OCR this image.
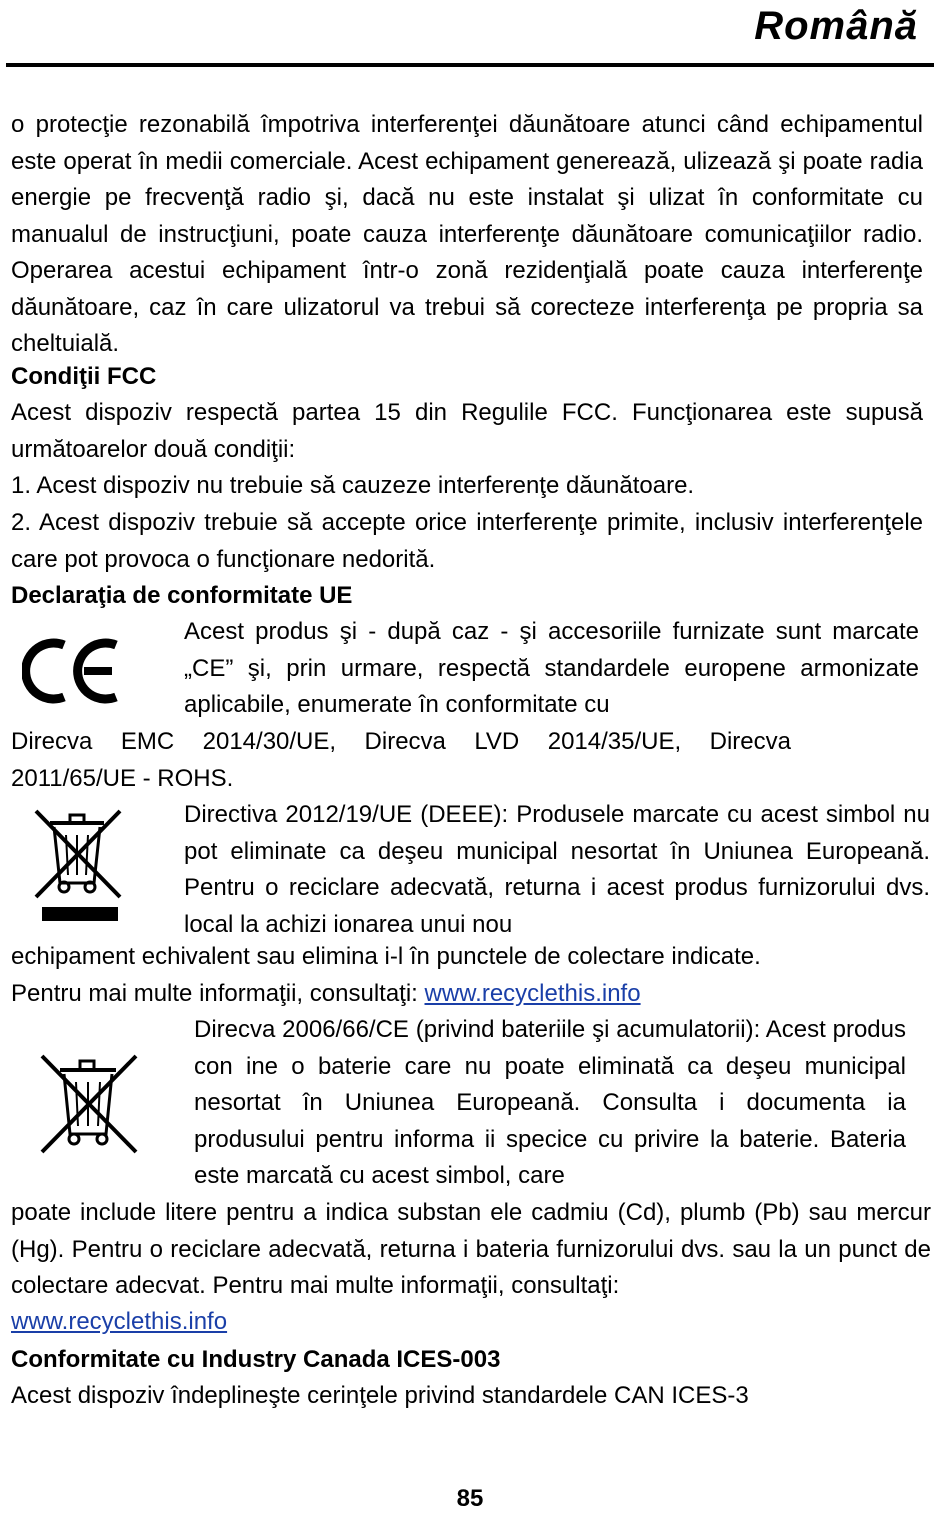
Română
o protecţie rezonabilă împotriva interferenţei dăunătoare atunci când echipamentul este operat în medii comerciale. Acest echipament generează, ulizează şi poate radia energie pe frecvenţă radio şi, dacă nu este instalat şi ulizat în conformitate cu manualul de instrucţiuni, poate cauza interferenţe dăunătoare comunicaţiilor radio. Operarea acestui echipament într-o zonă rezidenţială poate cauza interferenţe dăunătoare, caz în care ulizatorul va trebui să corecteze interferenţa pe propria sa cheltuială.
Condiţii FCC
Acest dispoziv respectă partea 15 din Regulile FCC. Funcţionarea este supusă următoarelor două condiţii:
1. Acest dispoziv nu trebuie să cauzeze interferenţe dăunătoare.
2. Acest dispoziv trebuie să accepte orice interferenţe primite, inclusiv interferenţele care pot provoca o funcţionare nedorită.
Declaraţia de conformitate UE
Acest produs şi - după caz - şi accesoriile furnizate sunt marcate „CE” şi, prin urmare, respectă standardele europene armonizate aplicabile, enumerate în conformitate cu
Direcva EMC 2014/30/UE, Direcva LVD 2014/35/UE, Direcva 2011/65/UE - ROHS.
Directiva 2012/19/UE (DEEE): Produsele marcate cu acest simbol nu pot eliminate ca deşeu municipal nesortat în Uniunea Europeană. Pentru o reciclare adecvată, returna i acest produs furnizorului dvs. local la achizi ionarea unui nou
echipament echivalent sau elimina i-l în punctele de colectare indicate.
Pentru mai multe informaţii, consultaţi: www.recyclethis.info
Direcva 2006/66/CE (privind bateriile şi acumulatorii): Acest produs con ine o baterie care nu poate eliminată ca deşeu municipal nesortat în Uniunea Europeană. Consulta i documenta ia produsului pentru informa ii specice cu privire la baterie. Bateria este marcată cu acest simbol, care
poate include litere pentru a indica substan ele cadmiu (Cd), plumb (Pb) sau mercur (Hg). Pentru o reciclare adecvată, returna i bateria furnizorului dvs. sau la un punct de colectare adecvat. Pentru mai multe informaţii, consultaţi:
www.recyclethis.info
Conformitate cu Industry Canada ICES-003
Acest dispoziv îndeplineşte cerinţele privind standardele CAN ICES-3
85
